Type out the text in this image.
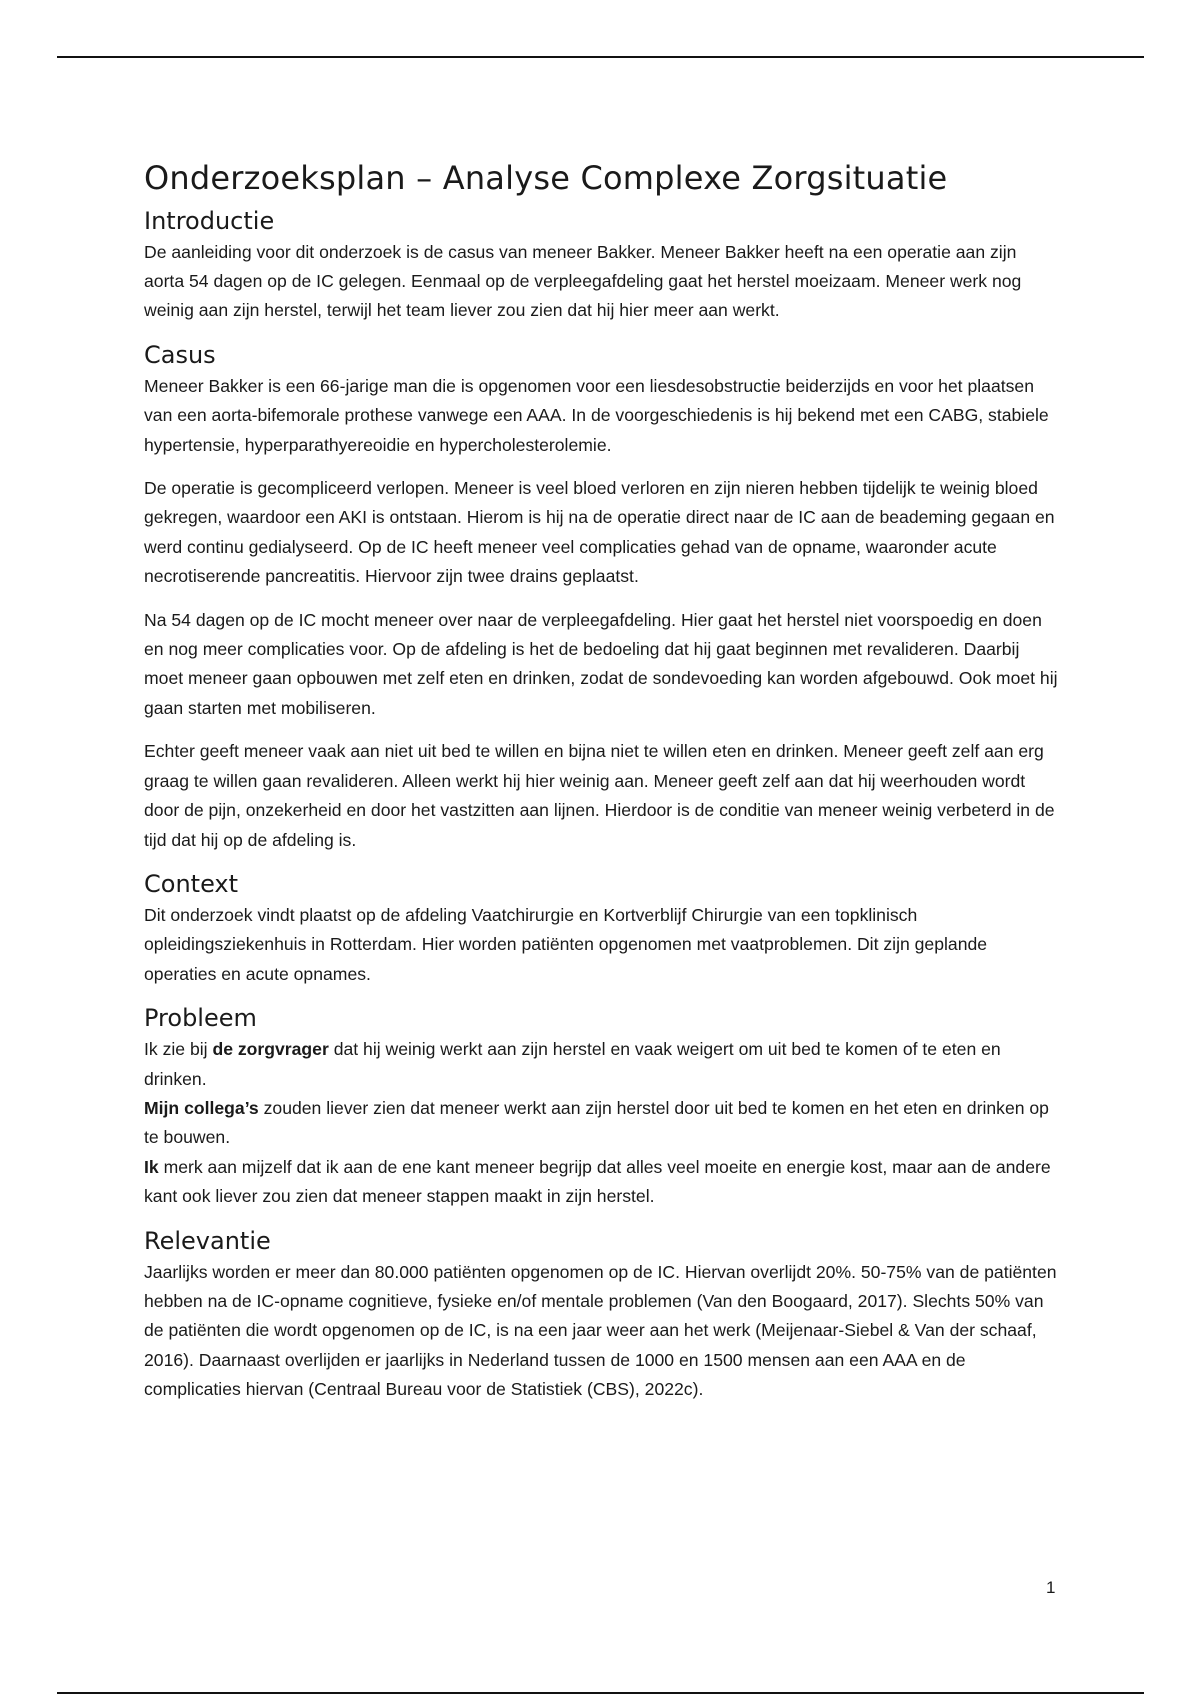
Onderzoeksplan – Analyse Complexe Zorgsituatie
Introductie

De aanleiding voor dit onderzoek is de casus van meneer Bakker. Meneer Bakker heeft na een operatie aan zijn aorta 54 dagen op de IC gelegen. Eenmaal op de verpleegafdeling gaat het herstel moeizaam. Meneer werk nog weinig aan zijn herstel, terwijl het team liever zou zien dat hij hier meer aan werkt.

Casus

Meneer Bakker is een 66-jarige man die is opgenomen voor een liesdesobstructie beiderzijds en voor het plaatsen van een aorta-bifemorale prothese vanwege een AAA. In de voorgeschiedenis is hij bekend met een CABG, stabiele hypertensie, hyperparathyereoidie en hypercholesterolemie.

De operatie is gecompliceerd verlopen. Meneer is veel bloed verloren en zijn nieren hebben tijdelijk te weinig bloed gekregen, waardoor een AKI is ontstaan. Hierom is hij na de operatie direct naar de IC aan de beademing gegaan en werd continu gedialyseerd. Op de IC heeft meneer veel complicaties gehad van de opname, waaronder acute necrotiserende pancreatitis. Hiervoor zijn twee drains geplaatst.

Na 54 dagen op de IC mocht meneer over naar de verpleegafdeling. Hier gaat het herstel niet voorspoedig en doen en nog meer complicaties voor. Op de afdeling is het de bedoeling dat hij gaat beginnen met revalideren. Daarbij moet meneer gaan opbouwen met zelf eten en drinken, zodat de sondevoeding kan worden afgebouwd. Ook moet hij gaan starten met mobiliseren.

Echter geeft meneer vaak aan niet uit bed te willen en bijna niet te willen eten en drinken. Meneer geeft zelf aan erg graag te willen gaan revalideren. Alleen werkt hij hier weinig aan. Meneer geeft zelf aan dat hij weerhouden wordt door de pijn, onzekerheid en door het vastzitten aan lijnen. Hierdoor is de conditie van meneer weinig verbeterd in de tijd dat hij op de afdeling is.

Context

Dit onderzoek vindt plaatst op de afdeling Vaatchirurgie en Kortverblijf Chirurgie van een topklinisch opleidingsziekenhuis in Rotterdam. Hier worden patiënten opgenomen met vaatproblemen. Dit zijn geplande operaties en acute opnames.

Probleem

Ik zie bij de zorgvrager dat hij weinig werkt aan zijn herstel en vaak weigert om uit bed te komen of te eten en drinken.
Mijn collega’s zouden liever zien dat meneer werkt aan zijn herstel door uit bed te komen en het eten en drinken op te bouwen.
Ik merk aan mijzelf dat ik aan de ene kant meneer begrijp dat alles veel moeite en energie kost, maar aan de andere kant ook liever zou zien dat meneer stappen maakt in zijn herstel.

Relevantie

Jaarlijks worden er meer dan 80.000 patiënten opgenomen op de IC. Hiervan overlijdt 20%. 50-75% van de patiënten hebben na de IC-opname cognitieve, fysieke en/of mentale problemen (Van den Boogaard, 2017). Slechts 50% van de patiënten die wordt opgenomen op de IC, is na een jaar weer aan het werk (Meijenaar-Siebel & Van der schaaf, 2016). Daarnaast overlijden er jaarlijks in Nederland tussen de 1000 en 1500 mensen aan een AAA en de complicaties hiervan (Centraal Bureau voor de Statistiek (CBS), 2022c).

1
